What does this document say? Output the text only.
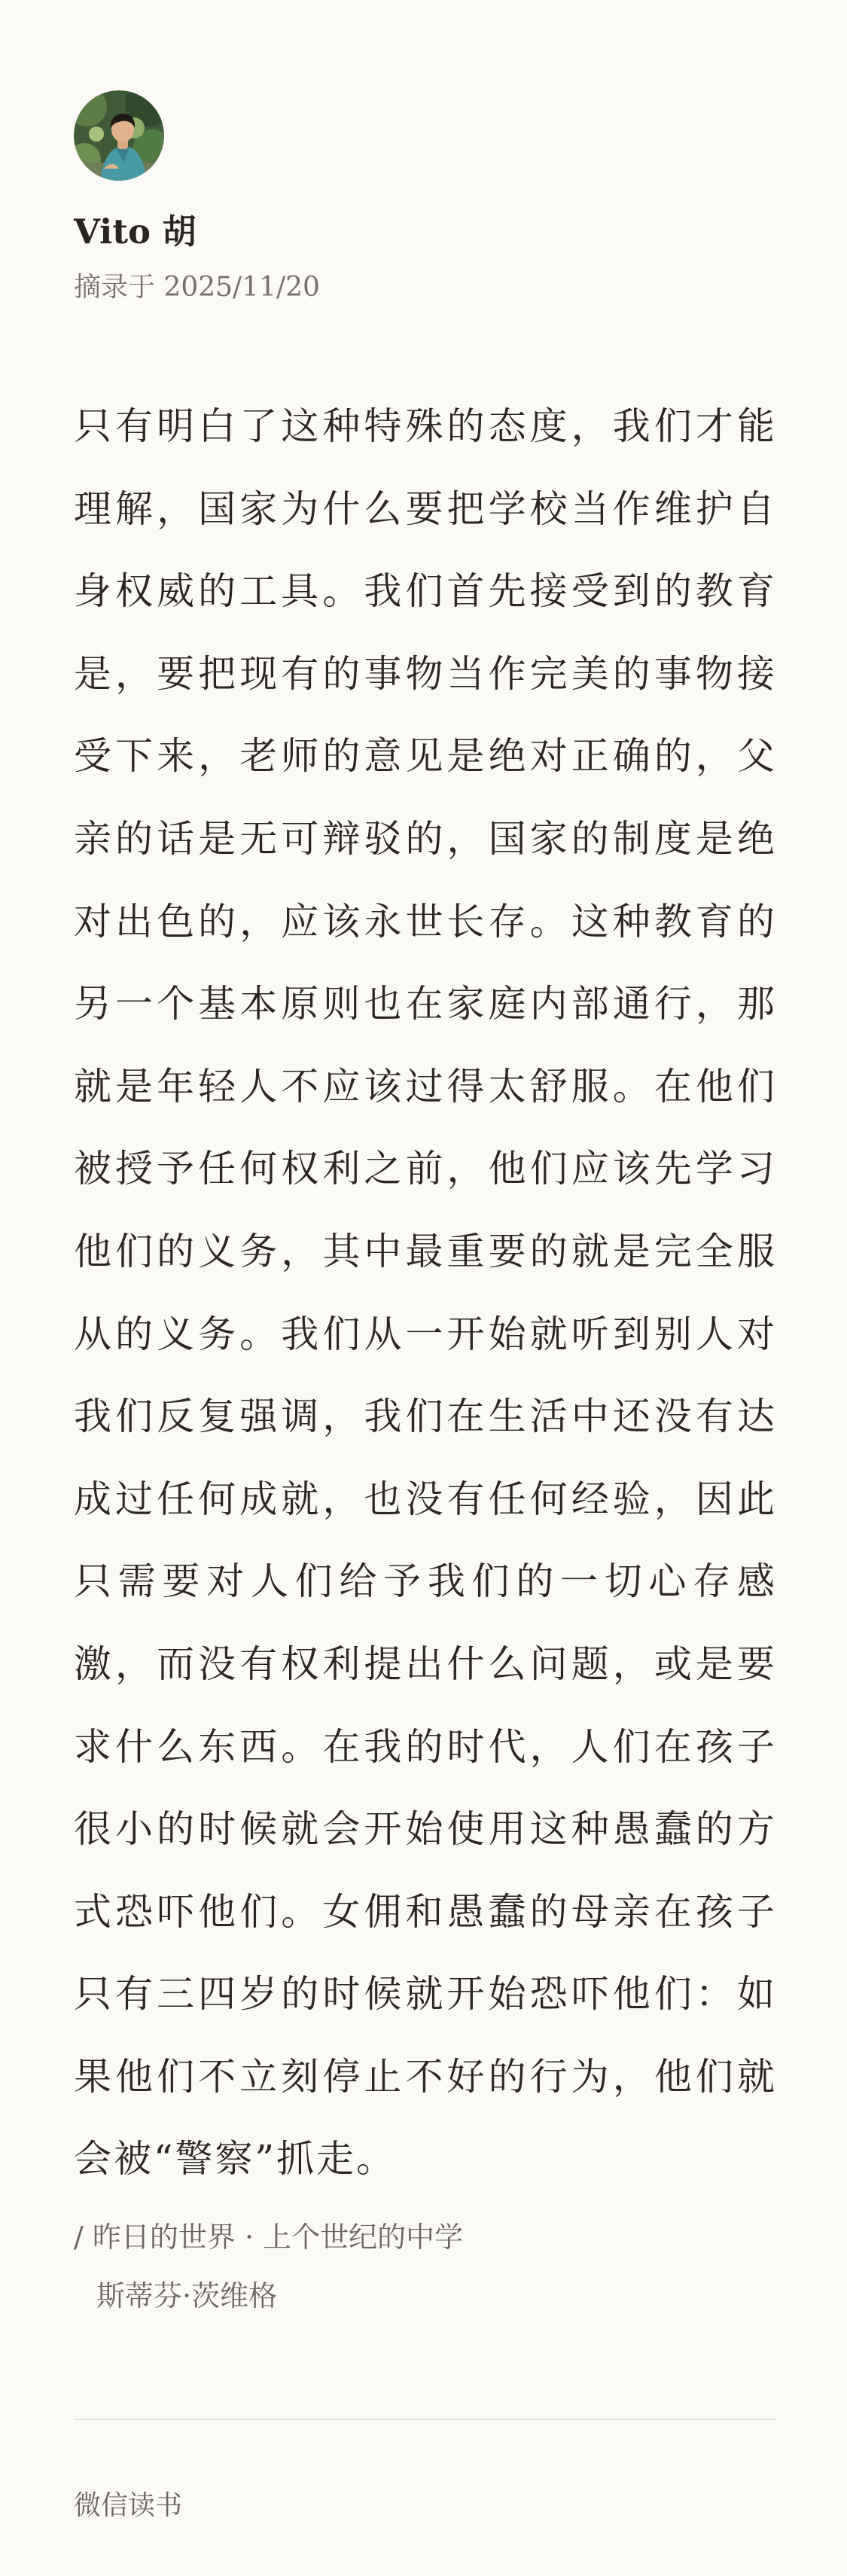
Vito 胡
摘录于 2025/11/20

只有明白了这种特殊的态度，我们才能理解，国家为什么要把学校当作维护自身权威的工具。我们首先接受到的教育是，要把现有的事物当作完美的事物接受下来，老师的意见是绝对正确的，父亲的话是无可辩驳的，国家的制度是绝对出色的，应该永世长存。这种教育的另一个基本原则也在家庭内部通行，那就是年轻人不应该过得太舒服。在他们被授予任何权利之前，他们应该先学习他们的义务，其中最重要的就是完全服从的义务。我们从一开始就听到别人对我们反复强调，我们在生活中还没有达成过任何成就，也没有任何经验，因此只需要对人们给予我们的一切心存感激，而没有权利提出什么问题，或是要求什么东西。在我的时代，人们在孩子很小的时候就会开始使用这种愚蠢的方式恐吓他们。女佣和愚蠢的母亲在孩子只有三四岁的时候就开始恐吓他们：如果他们不立刻停止不好的行为，他们就会被“警察”抓走。

/ 昨日的世界 · 上个世纪的中学
斯蒂芬·茨维格
微信读书
